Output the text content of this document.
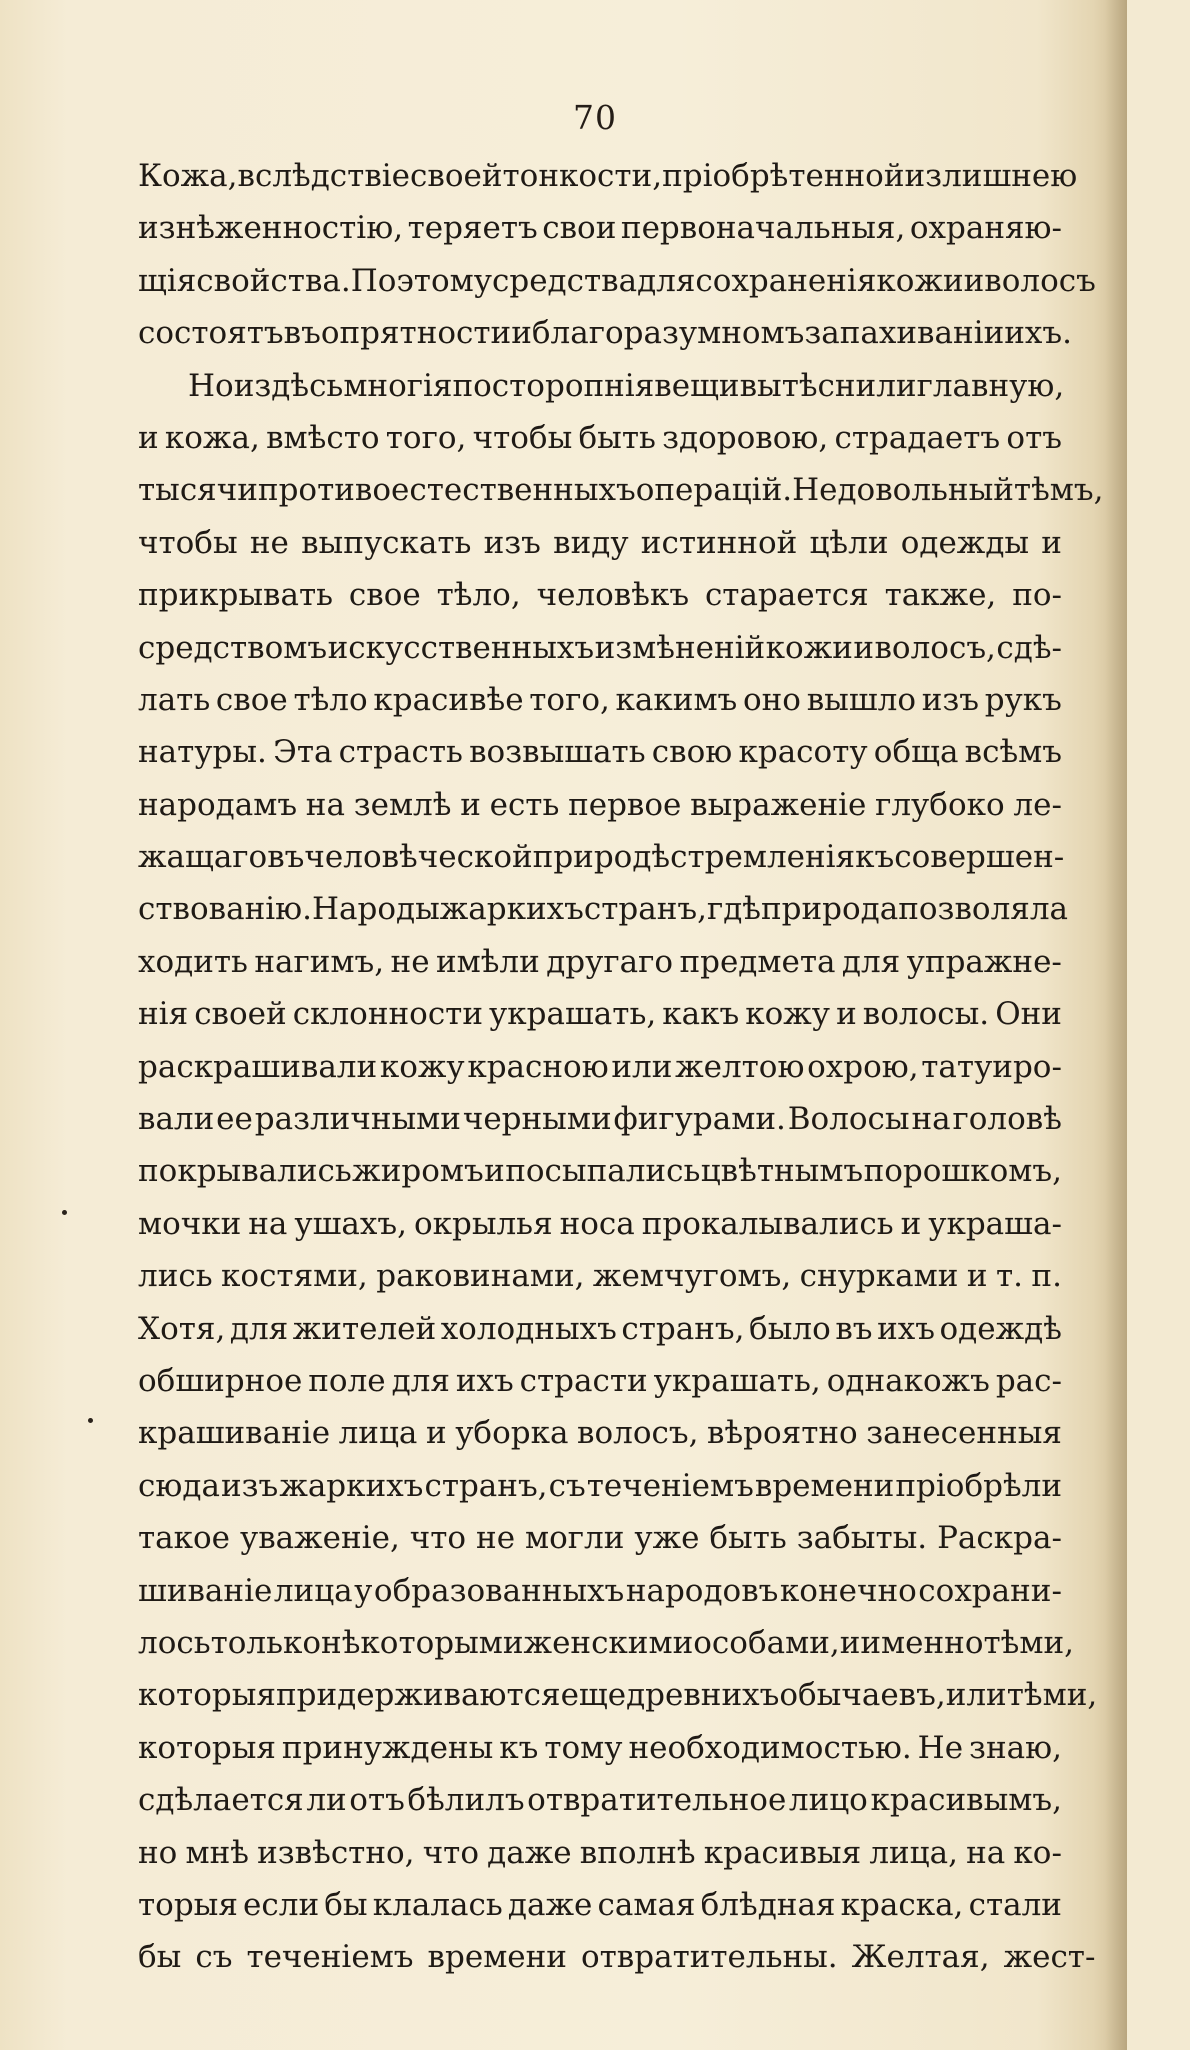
70
Кожа, вслѣдствіе своей тонкости, пріобрѣтенной излишнею
изнѣженностію, теряетъ свои первоначальныя, охраняю-
щія свойства. Поэтому средства для сохраненія кожи и волосъ
состоятъ въ опрятности и благоразумномъ запахиваніи ихъ.
Но и здѣсь многія посторопнія вещи вытѣснили главную,
и кожа, вмѣсто того, чтобы быть здоровою, страдаетъ отъ
тысячи противоестественныхъ операцій. Недовольный тѣмъ,
чтобы не выпускать изъ виду истинной цѣли одежды и
прикрывать свое тѣло, человѣкъ старается также, по-
средствомъ искусственныхъ измѣненій кожи и волосъ, сдѣ-
лать свое тѣло красивѣе того, какимъ оно вышло изъ рукъ
натуры. Эта страсть возвышать свою красоту обща всѣмъ
народамъ на землѣ и есть первое выраженіе глубоко ле-
жащаго въ человѣческой природѣ стремленія къ совершен-
ствованію. Народы жаркихъ странъ, гдѣ природа позволяла
ходить нагимъ, не имѣли другаго предмета для упражне-
нія своей склонности украшать, какъ кожу и волосы. Они
раскрашивали кожу красною или желтою охрою, татуиро-
вали ее различными черными фигурами. Волосы на головѣ
покрывались жиромъ и посыпались цвѣтнымъ порошкомъ,
мочки на ушахъ, окрылья носа прокалывались и украша-
лись костями, раковинами, жемчугомъ, снурками и т. п.
Хотя, для жителей холодныхъ странъ, было въ ихъ одеждѣ
обширное поле для ихъ страсти украшать, однакожъ рас-
крашиваніе лица и уборка волосъ, вѣроятно занесенныя
сюда изъ жаркихъ странъ, съ теченіемъ времени пріобрѣли
такое уваженіе, что не могли уже быть забыты. Раскра-
шиваніе лица у образованныхъ народовъ конечно сохрани-
лось только нѣкоторыми женскими особами, и именно тѣми,
которыя придерживаются еще древнихъ обычаевъ, или тѣми,
которыя принуждены къ тому необходимостью. Не знаю,
сдѣлается ли отъ бѣлилъ отвратительное лицо красивымъ,
но мнѣ извѣстно, что даже вполнѣ красивыя лица, на ко-
торыя если бы клалась даже самая блѣдная краска, стали
бы съ теченіемъ времени отвратительны. Желтая, жест-
